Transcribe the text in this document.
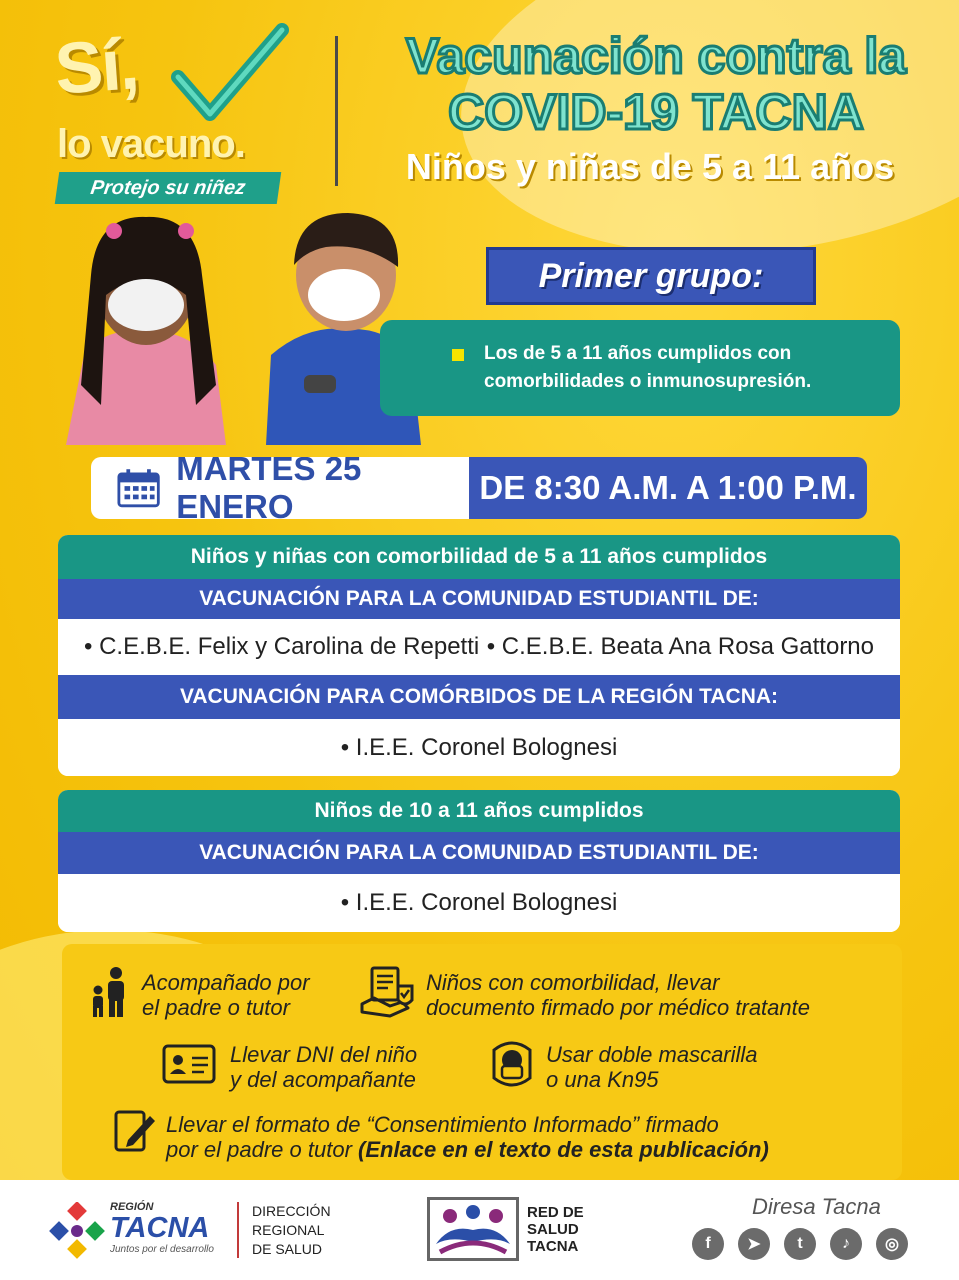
Sí,
lo vacuno.
Protejo su niñez
Vacunación contra la
COVID-19 TACNA
Niños y niñas de 5 a 11 años
Primer grupo:
Los de 5 a 11 años cumplidos con comorbilidades o inmunosupresión.
MARTES 25 ENERO
DE 8:30 A.M. A 1:00 P.M.
Niños y niñas con comorbilidad de 5 a 11 años cumplidos
VACUNACIÓN PARA LA COMUNIDAD ESTUDIANTIL DE:
• C.E.B.E. Felix y Carolina de Repetti • C.E.B.E. Beata Ana Rosa Gattorno
VACUNACIÓN PARA COMÓRBIDOS DE LA REGIÓN TACNA:
• I.E.E. Coronel Bolognesi
Niños de 10 a 11 años cumplidos
VACUNACIÓN PARA LA COMUNIDAD ESTUDIANTIL DE:
• I.E.E. Coronel Bolognesi
Acompañado por
el padre o tutor
Niños con comorbilidad, llevar
documento firmado por médico tratante
Llevar DNI del niño
y del acompañante
Usar doble mascarilla
o una Kn95
Llevar el formato de “Consentimiento Informado” firmado
por el padre o tutor (Enlace en el texto de esta publicación)
REGIÓN
TACNA
Juntos por el desarrollo
DIRECCIÓN
REGIONAL
DE SALUD
RED DE
SALUD
TACNA
Diresa Tacna
f	➤	t	♪	◎
